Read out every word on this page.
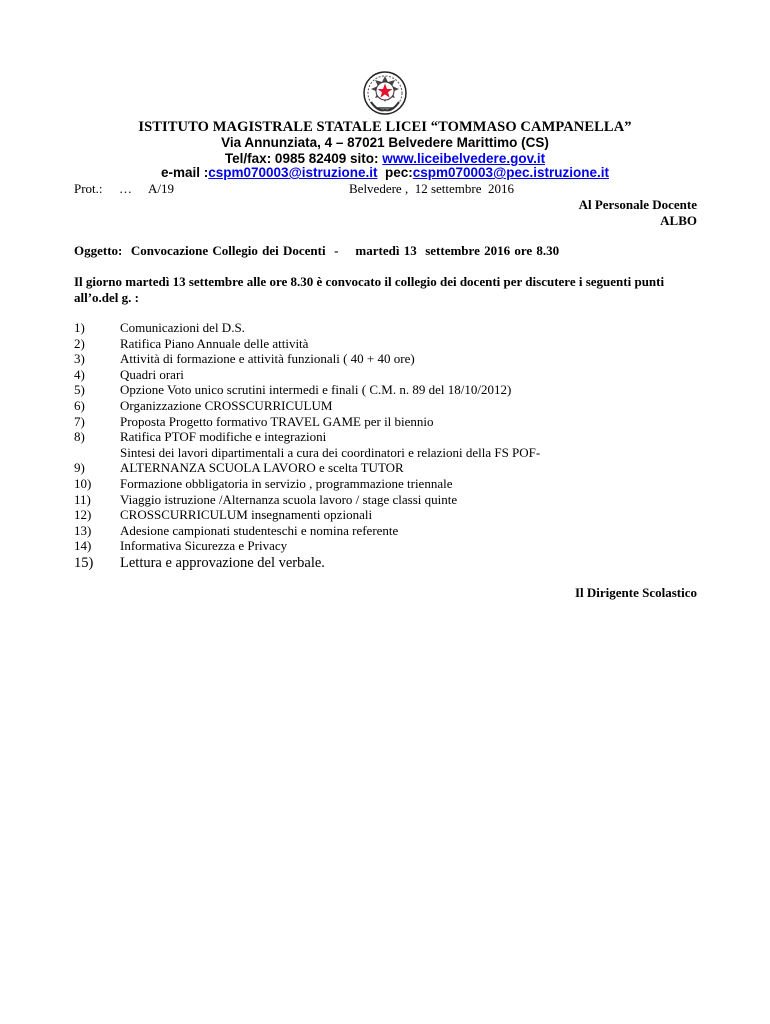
ISTITUTO MAGISTRALE STATALE LICEI “TOMMASO CAMPANELLA”
Via Annunziata, 4 – 87021 Belvedere Marittimo (CS)
Tel/fax: 0985 82409 sito: www.liceibelvedere.gov.it
e-mail :cspm070003@istruzione.it  pec:cspm070003@pec.istruzione.it
Prot.: … A/19	Belvedere ,  12 settembre  2016
Al Personale Docente
ALBO
Oggetto:  Convocazione Collegio dei Docenti  -    martedì 13  settembre 2016 ore 8.30
Il giorno martedì 13 settembre alle ore 8.30 è convocato il collegio dei docenti per discutere i seguenti punti all’o.del g. :
1)	Comunicazioni del D.S.
2)	Ratifica Piano Annuale delle attività
3)	Attività di formazione e attività funzionali ( 40 + 40 ore)
4)	Quadri orari
5)	Opzione Voto unico scrutini intermedi e finali ( C.M. n. 89 del 18/10/2012)
6)	Organizzazione CROSSCURRICULUM
7)	Proposta Progetto formativo TRAVEL GAME per il biennio
8)	Ratifica PTOF modifiche e integrazioni
Sintesi dei lavori dipartimentali a cura dei coordinatori e relazioni della FS POF-
9)	ALTERNANZA SCUOLA LAVORO e scelta TUTOR
10)	Formazione obbligatoria in servizio , programmazione triennale
11)	Viaggio istruzione /Alternanza scuola lavoro / stage classi quinte
12)	CROSSCURRICULUM insegnamenti opzionali
13)	Adesione campionati studenteschi e nomina referente
14)	Informativa Sicurezza e Privacy
15)	Lettura e approvazione del verbale.
Il Dirigente Scolastico
